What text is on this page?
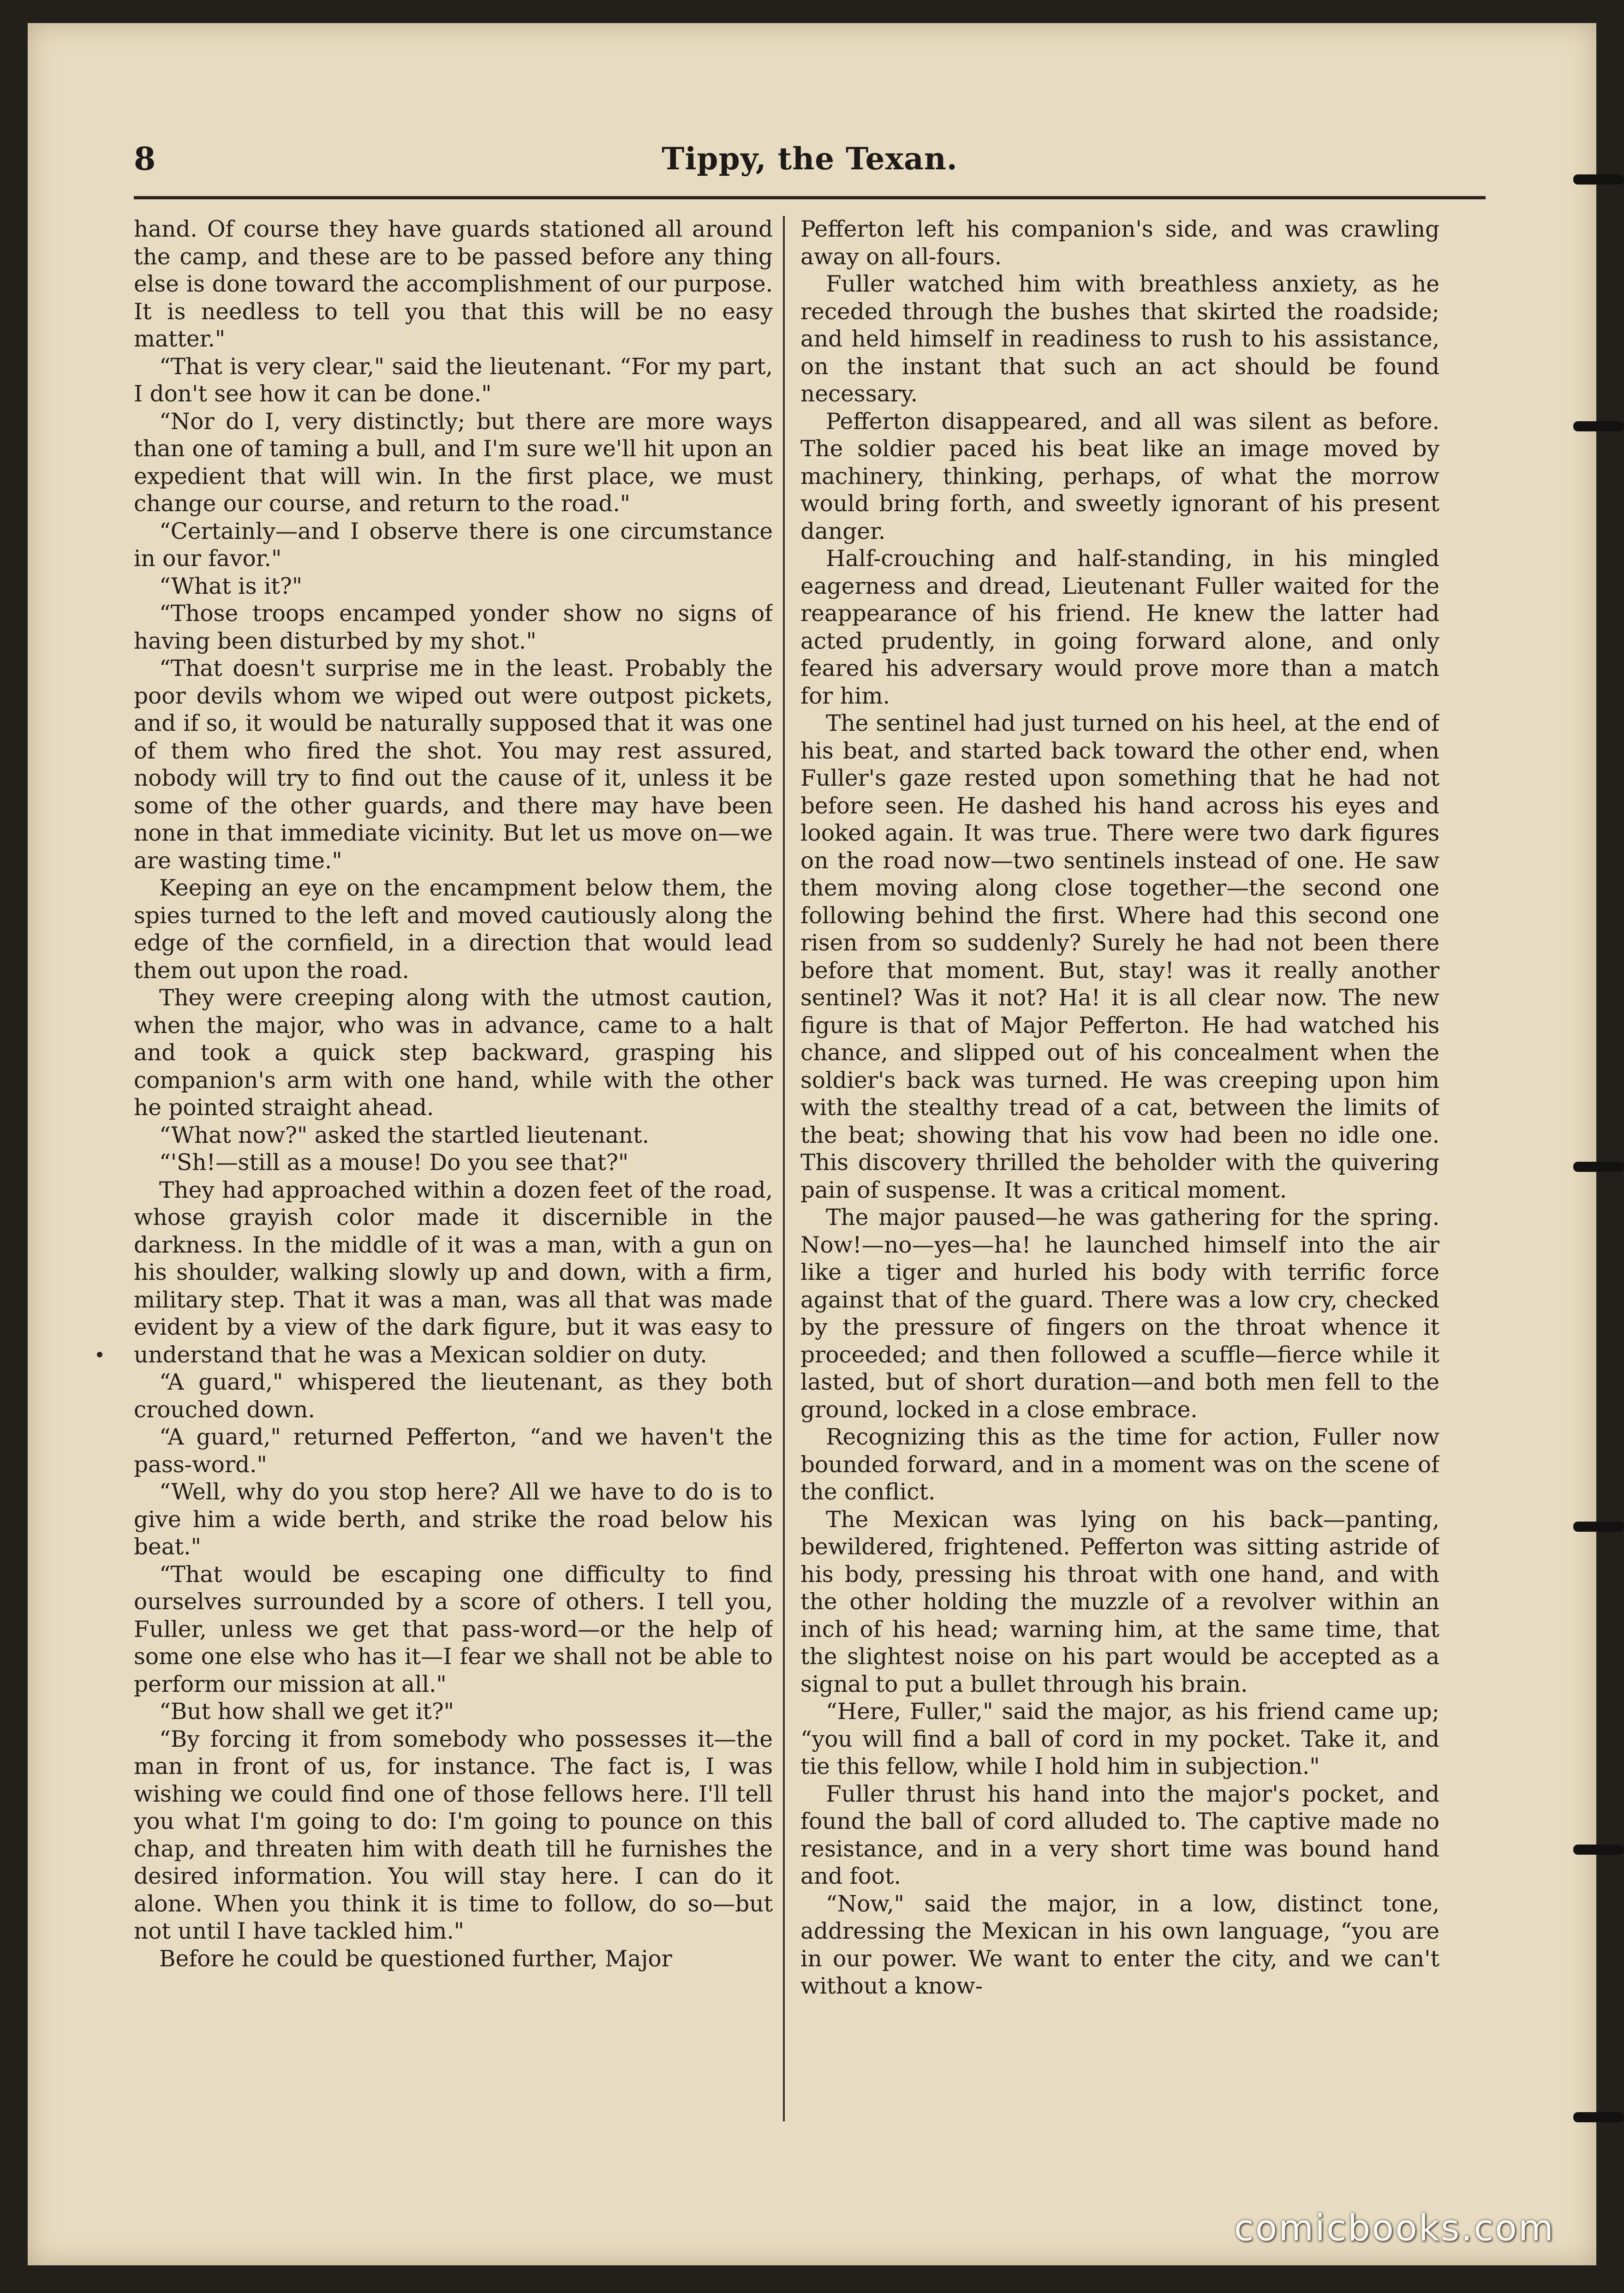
8	Tippy, the Texan.

hand. Of course they have guards stationed all around the camp, and these are to be passed before any thing else is done toward the accomplishment of our purpose. It is needless to tell you that this will be no easy matter."

“That is very clear," said the lieutenant. “For my part, I don't see how it can be done."

“Nor do I, very distinctly; but there are more ways than one of taming a bull, and I'm sure we'll hit upon an expedient that will win. In the first place, we must change our course, and return to the road."

“Certainly—and I observe there is one circumstance in our favor."

“What is it?"

“Those troops encamped yonder show no signs of having been disturbed by my shot."

“That doesn't surprise me in the least. Probably the poor devils whom we wiped out were outpost pickets, and if so, it would be naturally supposed that it was one of them who fired the shot. You may rest assured, nobody will try to find out the cause of it, unless it be some of the other guards, and there may have been none in that immediate vicinity. But let us move on—we are wasting time."

Keeping an eye on the encampment below them, the spies turned to the left and moved cautiously along the edge of the cornfield, in a direction that would lead them out upon the road.

They were creeping along with the utmost caution, when the major, who was in advance, came to a halt and took a quick step backward, grasping his companion's arm with one hand, while with the other he pointed straight ahead.

“What now?" asked the startled lieutenant.

“'Sh!—still as a mouse! Do you see that?"

They had approached within a dozen feet of the road, whose grayish color made it discernible in the darkness. In the middle of it was a man, with a gun on his shoulder, walking slowly up and down, with a firm, military step. That it was a man, was all that was made evident by a view of the dark figure, but it was easy to understand that he was a Mexican soldier on duty.

“A guard," whispered the lieutenant, as they both crouched down.

“A guard," returned Pefferton, “and we haven't the pass-word."

“Well, why do you stop here? All we have to do is to give him a wide berth, and strike the road below his beat."

“That would be escaping one difficulty to find ourselves surrounded by a score of others. I tell you, Fuller, unless we get that pass-word—or the help of some one else who has it—I fear we shall not be able to perform our mission at all."

“But how shall we get it?"

“By forcing it from somebody who possesses it—the man in front of us, for instance. The fact is, I was wishing we could find one of those fellows here. I'll tell you what I'm going to do: I'm going to pounce on this chap, and threaten him with death till he furnishes the desired information. You will stay here. I can do it alone. When you think it is time to follow, do so—but not until I have tackled him."

Before he could be questioned further, Major

Pefferton left his companion's side, and was crawling away on all-fours.

Fuller watched him with breathless anxiety, as he receded through the bushes that skirted the roadside; and held himself in readiness to rush to his assistance, on the instant that such an act should be found necessary.

Pefferton disappeared, and all was silent as before. The soldier paced his beat like an image moved by machinery, thinking, perhaps, of what the morrow would bring forth, and sweetly ignorant of his present danger.

Half-crouching and half-standing, in his mingled eagerness and dread, Lieutenant Fuller waited for the reappearance of his friend. He knew the latter had acted prudently, in going forward alone, and only feared his adversary would prove more than a match for him.

The sentinel had just turned on his heel, at the end of his beat, and started back toward the other end, when Fuller's gaze rested upon something that he had not before seen. He dashed his hand across his eyes and looked again. It was true. There were two dark figures on the road now—two sentinels instead of one. He saw them moving along close together—the second one following behind the first. Where had this second one risen from so suddenly? Surely he had not been there before that moment. But, stay! was it really another sentinel? Was it not? Ha! it is all clear now. The new figure is that of Major Pefferton. He had watched his chance, and slipped out of his concealment when the soldier's back was turned. He was creeping upon him with the stealthy tread of a cat, between the limits of the beat; showing that his vow had been no idle one. This discovery thrilled the beholder with the quivering pain of suspense. It was a critical moment.

The major paused—he was gathering for the spring. Now!—no—yes—ha! he launched himself into the air like a tiger and hurled his body with terrific force against that of the guard. There was a low cry, checked by the pressure of fingers on the throat whence it proceeded; and then followed a scuffle—fierce while it lasted, but of short duration—and both men fell to the ground, locked in a close embrace.

Recognizing this as the time for action, Fuller now bounded forward, and in a moment was on the scene of the conflict.

The Mexican was lying on his back—panting, bewildered, frightened. Pefferton was sitting astride of his body, pressing his throat with one hand, and with the other holding the muzzle of a revolver within an inch of his head; warning him, at the same time, that the slightest noise on his part would be accepted as a signal to put a bullet through his brain.

“Here, Fuller," said the major, as his friend came up; “you will find a ball of cord in my pocket. Take it, and tie this fellow, while I hold him in subjection."

Fuller thrust his hand into the major's pocket, and found the ball of cord alluded to. The captive made no resistance, and in a very short time was bound hand and foot.

“Now," said the major, in a low, distinct tone, addressing the Mexican in his own language, “you are in our power. We want to enter the city, and we can't without a know-

comicbooks.com
